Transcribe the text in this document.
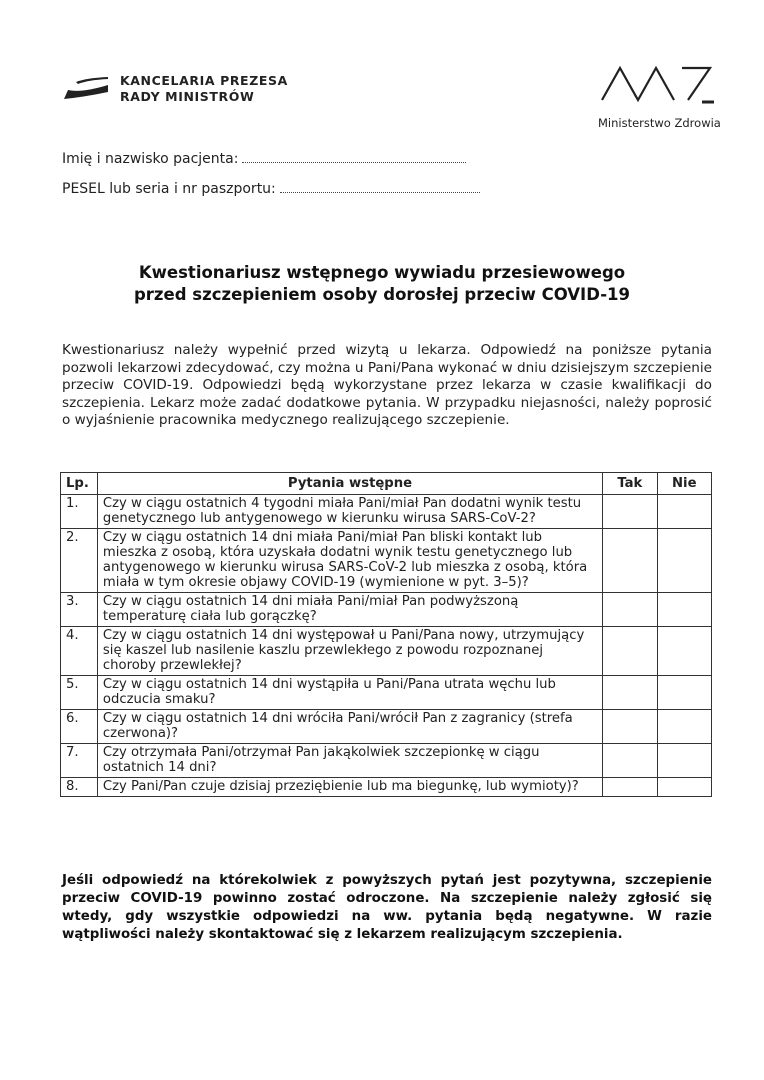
KANCELARIA PREZESA
RADY MINISTRÓW
Ministerstwo Zdrowia
Imię i nazwisko pacjenta:
PESEL lub seria i nr paszportu:
Kwestionariusz wstępnego wywiadu przesiewowego
przed szczepieniem osoby dorosłej przeciw COVID-19
Kwestionariusz należy wypełnić przed wizytą u lekarza. Odpowiedź na poniższe pytania pozwoli lekarzowi zdecydować, czy można u Pani/Pana wykonać w dniu dzisiejszym szczepienie przeciw COVID-19. Odpowiedzi będą wykorzystane przez lekarza w czasie kwalifikacji do szczepienia. Lekarz może zadać dodatkowe pytania. W przypadku niejasności, należy poprosić o wyjaśnienie pracownika medycznego realizującego szczepienie.
Lp.	Pytania wstępne	Tak	Nie
1.	Czy w ciągu ostatnich 4 tygodni miała Pani/miał Pan dodatni wynik testu genetycznego lub antygenowego w kierunku wirusa SARS-CoV-2?		
2.	Czy w ciągu ostatnich 14 dni miała Pani/miał Pan bliski kontakt lub mieszka z osobą, która uzyskała dodatni wynik testu genetycznego lub antygenowego w kierunku wirusa SARS-CoV-2 lub mieszka z osobą, która miała w tym okresie objawy COVID-19 (wymienione w pyt. 3–5)?		
3.	Czy w ciągu ostatnich 14 dni miała Pani/miał Pan podwyższoną temperaturę ciała lub gorączkę?		
4.	Czy w ciągu ostatnich 14 dni występował u Pani/Pana nowy, utrzymujący się kaszel lub nasilenie kaszlu przewlekłego z powodu rozpoznanej choroby przewlekłej?		
5.	Czy w ciągu ostatnich 14 dni wystąpiła u Pani/Pana utrata węchu lub odczucia smaku?		
6.	Czy w ciągu ostatnich 14 dni wróciła Pani/wrócił Pan z zagranicy (strefa czerwona)?		
7.	Czy otrzymała Pani/otrzymał Pan jakąkolwiek szczepionkę w ciągu ostatnich 14 dni?		
8.	Czy Pani/Pan czuje dzisiaj przeziębienie lub ma biegunkę, lub wymioty)?		
Jeśli odpowiedź na którekolwiek z powyższych pytań jest pozytywna, szczepienie przeciw COVID-19 powinno zostać odroczone. Na szczepienie należy zgłosić się wtedy, gdy wszystkie odpowiedzi na ww. pytania będą negatywne. W razie wątpliwości należy skontaktować się z lekarzem realizującym szczepienia.
